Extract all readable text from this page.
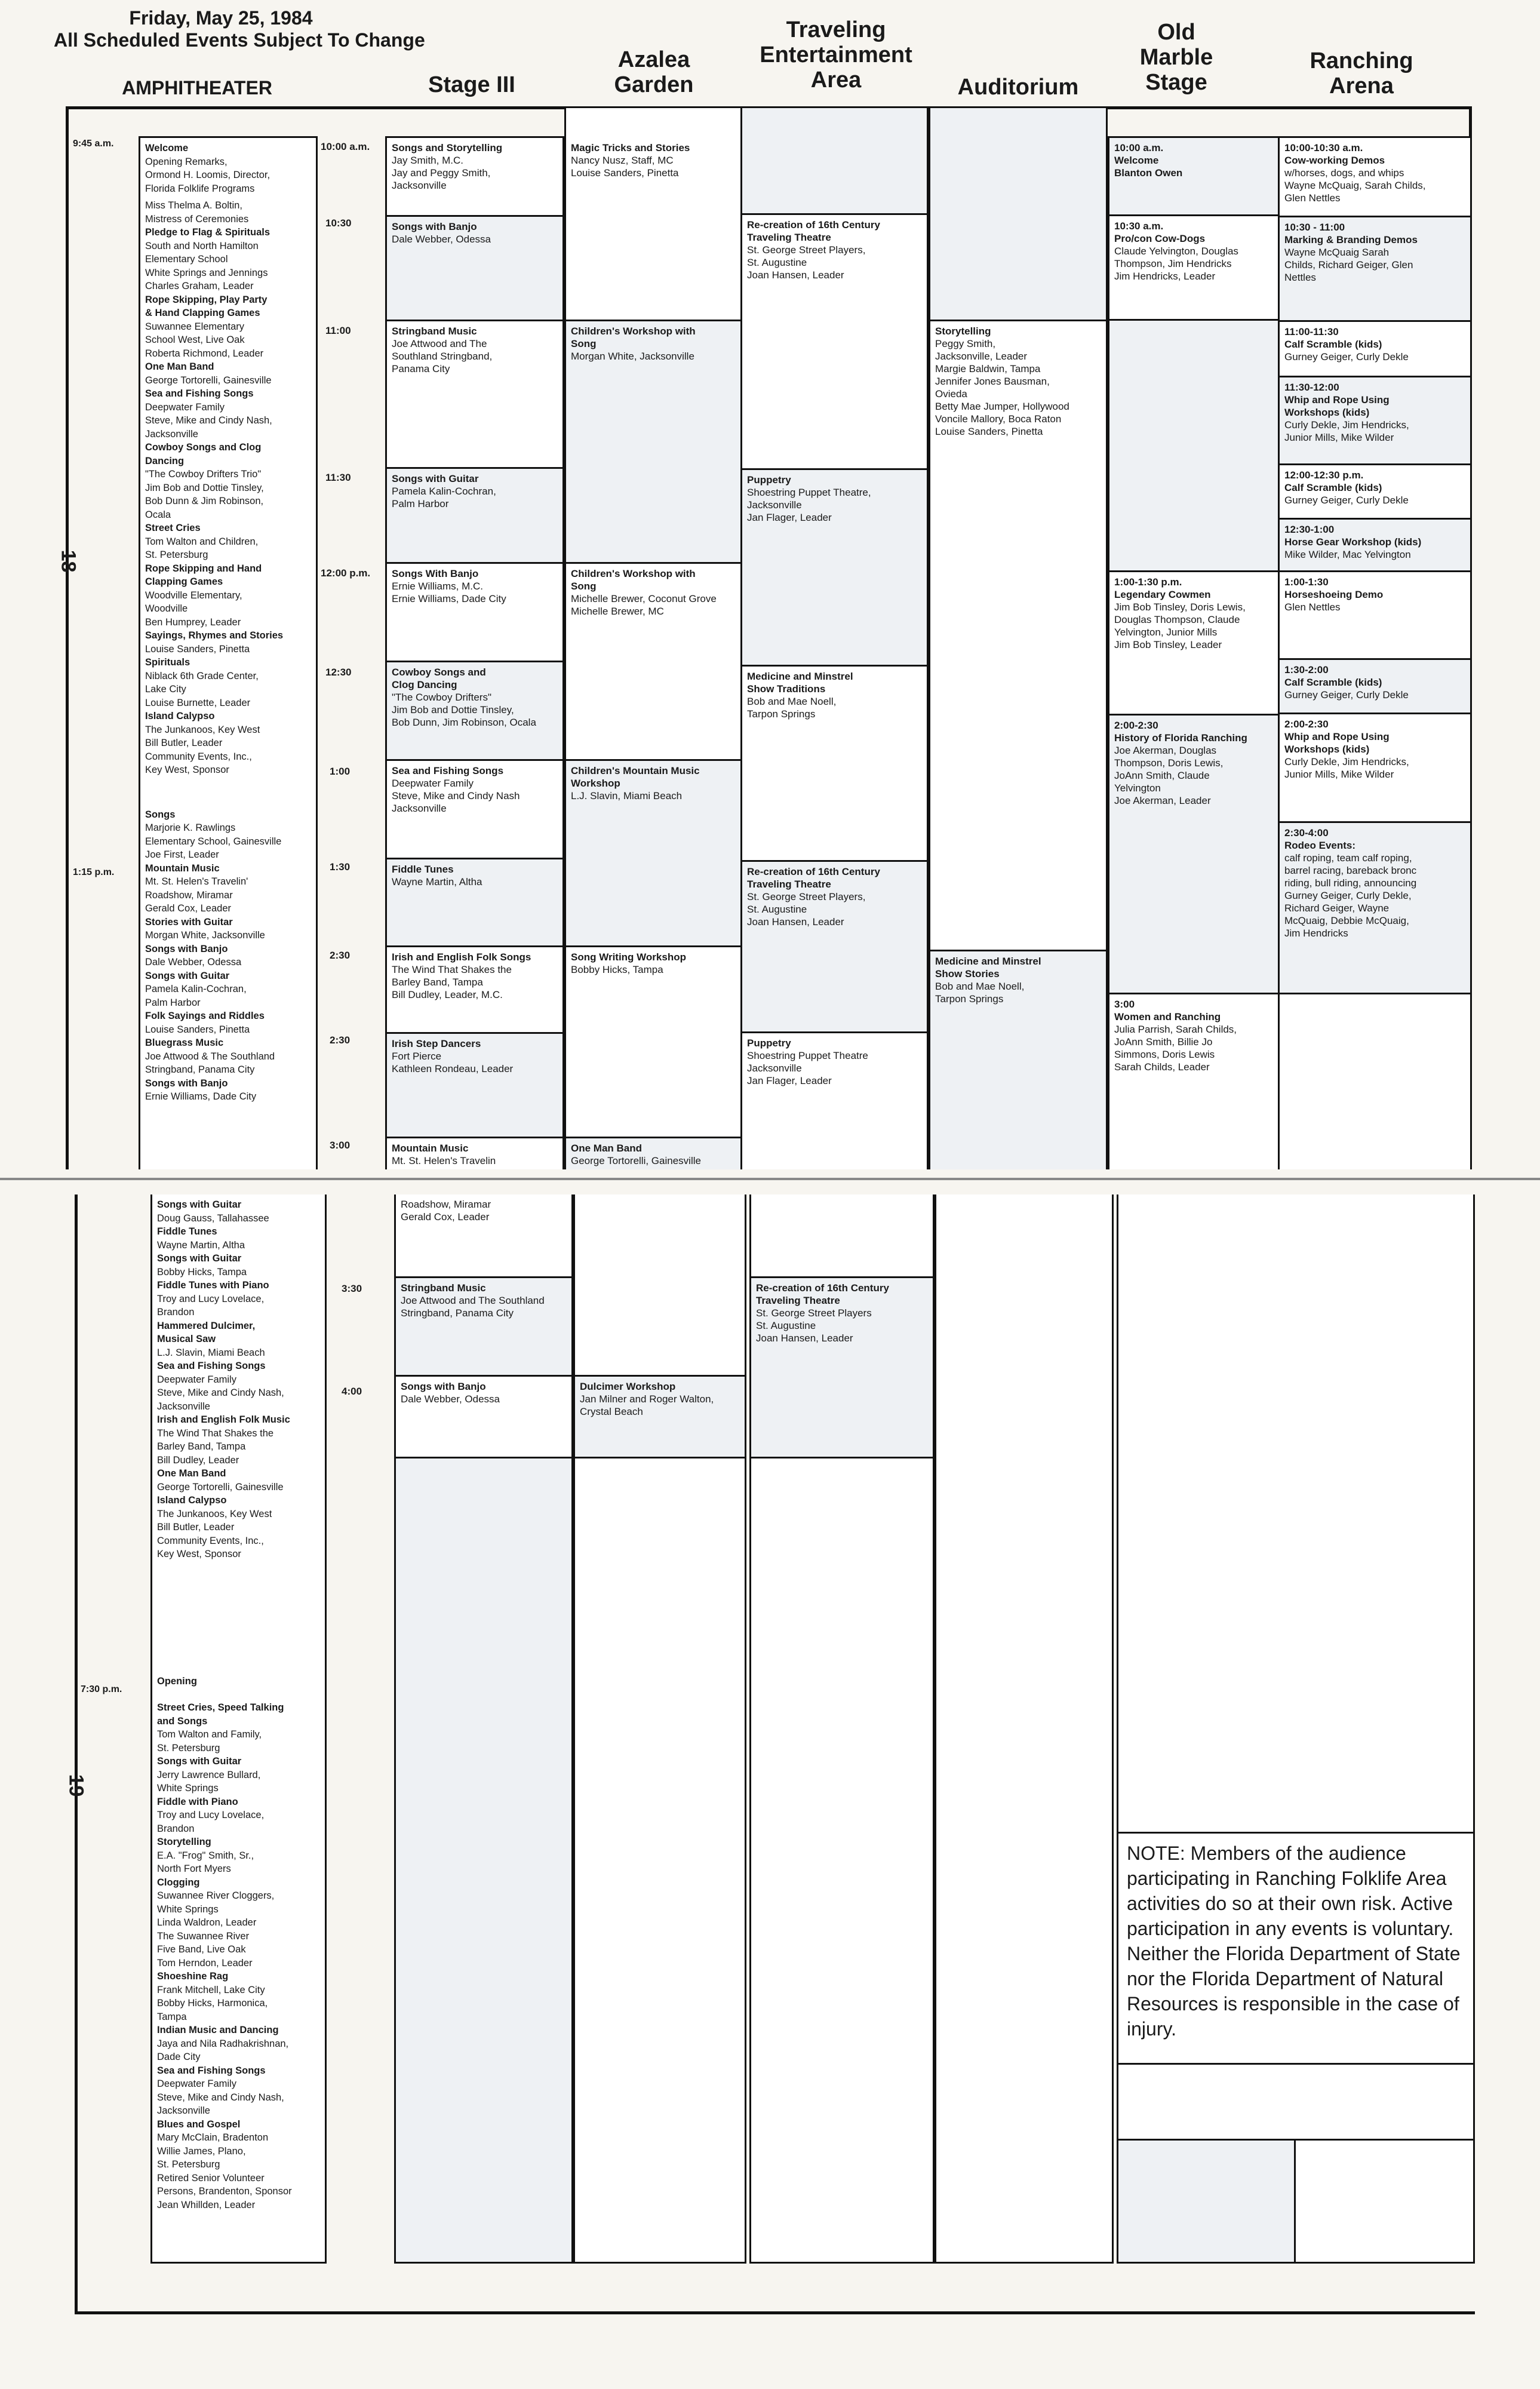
Friday, May 25, 1984
All Scheduled Events Subject To Change
AMPHITHEATER	Stage III
Azalea
Garden
Traveling
Entertainment
Area	Auditorium
Old
Marble
Stage
Ranching
Arena
18
19
9:45 a.m.
1:15 p.m.
7:30 p.m.
Welcome
Opening Remarks,
Ormond H. Loomis, Director,
Florida Folklife Programs
Miss Thelma A. Boltin,
Mistress of Ceremonies
Pledge to Flag & Spirituals
South and North Hamilton
Elementary School
White Springs and Jennings
Charles Graham, Leader
Rope Skipping, Play Party
& Hand Clapping Games
Suwannee Elementary
School West, Live Oak
Roberta Richmond, Leader
One Man Band
George Tortorelli, Gainesville
Sea and Fishing Songs
Deepwater Family
Steve, Mike and Cindy Nash,
Jacksonville
Cowboy Songs and Clog
Dancing
"The Cowboy Drifters Trio"
Jim Bob and Dottie Tinsley,
Bob Dunn & Jim Robinson,
Ocala
Street Cries
Tom Walton and Children,
St. Petersburg
Rope Skipping and Hand
Clapping Games
Woodville Elementary,
Woodville
Ben Humprey, Leader
Sayings, Rhymes and Stories
Louise Sanders, Pinetta
Spirituals
Niblack 6th Grade Center,
Lake City
Louise Burnette, Leader
Island Calypso
The Junkanoos, Key West
Bill Butler, Leader
Community Events, Inc.,
Key West, Sponsor
Songs
Marjorie K. Rawlings
Elementary School, Gainesville
Joe First, Leader
Mountain Music
Mt. St. Helen's Travelin'
Roadshow, Miramar
Gerald Cox, Leader
Stories with Guitar
Morgan White, Jacksonville
Songs with Banjo
Dale Webber, Odessa
Songs with Guitar
Pamela Kalin-Cochran,
Palm Harbor
Folk Sayings and Riddles
Louise Sanders, Pinetta
Bluegrass Music
Joe Attwood & The Southland
Stringband, Panama City
Songs with Banjo
Ernie Williams, Dade City
Songs with Guitar
Doug Gauss, Tallahassee
Fiddle Tunes
Wayne Martin, Altha
Songs with Guitar
Bobby Hicks, Tampa
Fiddle Tunes with Piano
Troy and Lucy Lovelace,
Brandon
Hammered Dulcimer,
Musical Saw
L.J. Slavin, Miami Beach
Sea and Fishing Songs
Deepwater Family
Steve, Mike and Cindy Nash,
Jacksonville
Irish and English Folk Music
The Wind That Shakes the
Barley Band, Tampa
Bill Dudley, Leader
One Man Band
George Tortorelli, Gainesville
Island Calypso
The Junkanoos, Key West
Bill Butler, Leader
Community Events, Inc.,
Key West, Sponsor
Opening
Street Cries, Speed Talking
and Songs
Tom Walton and Family,
St. Petersburg
Songs with Guitar
Jerry Lawrence Bullard,
White Springs
Fiddle with Piano
Troy and Lucy Lovelace,
Brandon
Storytelling
E.A. "Frog" Smith, Sr.,
North Fort Myers
Clogging
Suwannee River Cloggers,
White Springs
Linda Waldron, Leader
The Suwannee River
Five Band, Live Oak
Tom Herndon, Leader
Shoeshine Rag
Frank Mitchell, Lake City
Bobby Hicks, Harmonica,
Tampa
Indian Music and Dancing
Jaya and Nila Radhakrishnan,
Dade City
Sea and Fishing Songs
Deepwater Family
Steve, Mike and Cindy Nash,
Jacksonville
Blues and Gospel
Mary McClain, Bradenton
Willie James, Plano,
St. Petersburg
Retired Senior Volunteer
Persons, Brandenton, Sponsor
Jean Whillden, Leader
10:00 a.m.
10:30
11:00
11:30
12:00 p.m.
12:30
1:00
1:30
2:30
2:30
3:00
3:30
4:00
Songs and Storytelling
Jay Smith, M.C.
Jay and Peggy Smith,
Jacksonville
Songs with Banjo
Dale Webber, Odessa
Stringband Music
Joe Attwood and The
Southland Stringband,
Panama City
Songs with Guitar
Pamela Kalin-Cochran,
Palm Harbor
Songs With Banjo
Ernie Williams, M.C.
Ernie Williams, Dade City
Cowboy Songs and
Clog Dancing
"The Cowboy Drifters"
Jim Bob and Dottie Tinsley,
Bob Dunn, Jim Robinson, Ocala
Sea and Fishing Songs
Deepwater Family
Steve, Mike and Cindy Nash
Jacksonville
Fiddle Tunes
Wayne Martin, Altha
Irish and English Folk Songs
The Wind That Shakes the
Barley Band, Tampa
Bill Dudley, Leader, M.C.
Irish Step Dancers
Fort Pierce
Kathleen Rondeau, Leader
Mountain Music
Mt. St. Helen's Travelin
Roadshow, Miramar
Gerald Cox, Leader
Stringband Music
Joe Attwood and The Southland
Stringband, Panama City
Songs with Banjo
Dale Webber, Odessa
Magic Tricks and Stories
Nancy Nusz, Staff, MC
Louise Sanders, Pinetta
Children's Workshop with
Song
Morgan White, Jacksonville
Children's Workshop with
Song
Michelle Brewer, Coconut Grove
Michelle Brewer, MC
Children's Mountain Music
Workshop
L.J. Slavin, Miami Beach
Song Writing Workshop
Bobby Hicks, Tampa
One Man Band
George Tortorelli, Gainesville
Dulcimer Workshop
Jan Milner and Roger Walton,
Crystal Beach
Re-creation of 16th Century
Traveling Theatre
St. George Street Players,
St. Augustine
Joan Hansen, Leader
Puppetry
Shoestring Puppet Theatre,
Jacksonville
Jan Flager, Leader
Medicine and Minstrel
Show Traditions
Bob and Mae Noell,
Tarpon Springs
Re-creation of 16th Century
Traveling Theatre
St. George Street Players,
St. Augustine
Joan Hansen, Leader
Puppetry
Shoestring Puppet Theatre
Jacksonville
Jan Flager, Leader
Re-creation of 16th Century
Traveling Theatre
St. George Street Players
St. Augustine
Joan Hansen, Leader
Storytelling
Peggy Smith,
Jacksonville, Leader
Margie Baldwin, Tampa
Jennifer Jones Bausman,
Ovieda
Betty Mae Jumper, Hollywood
Voncile Mallory, Boca Raton
Louise Sanders, Pinetta
Medicine and Minstrel
Show Stories
Bob and Mae Noell,
Tarpon Springs
10:00 a.m.
Welcome
Blanton Owen
10:30 a.m.
Pro/con Cow-Dogs
Claude Yelvington, Douglas
Thompson, Jim Hendricks
Jim Hendricks, Leader
1:00-1:30 p.m.
Legendary Cowmen
Jim Bob Tinsley, Doris Lewis,
Douglas Thompson, Claude
Yelvington, Junior Mills
Jim Bob Tinsley, Leader
2:00-2:30
History of Florida Ranching
Joe Akerman, Douglas
Thompson, Doris Lewis,
JoAnn Smith, Claude
Yelvington
Joe Akerman, Leader
3:00
Women and Ranching
Julia Parrish, Sarah Childs,
JoAnn Smith, Billie Jo
Simmons, Doris Lewis
Sarah Childs, Leader
10:00-10:30 a.m.
Cow-working Demos
w/horses, dogs, and whips
Wayne McQuaig, Sarah Childs,
Glen Nettles
10:30 - 11:00
Marking & Branding Demos
Wayne McQuaig Sarah
Childs, Richard Geiger, Glen
Nettles
11:00-11:30
Calf Scramble (kids)
Gurney Geiger, Curly Dekle
11:30-12:00
Whip and Rope Using
Workshops (kids)
Curly Dekle, Jim Hendricks,
Junior Mills, Mike Wilder
12:00-12:30 p.m.
Calf Scramble (kids)
Gurney Geiger, Curly Dekle
12:30-1:00
Horse Gear Workshop (kids)
Mike Wilder, Mac Yelvington
1:00-1:30
Horseshoeing Demo
Glen Nettles
1:30-2:00
Calf Scramble (kids)
Gurney Geiger, Curly Dekle
2:00-2:30
Whip and Rope Using
Workshops (kids)
Curly Dekle, Jim Hendricks,
Junior Mills, Mike Wilder
2:30-4:00
Rodeo Events:
calf roping, team calf roping,
barrel racing, bareback bronc
riding, bull riding, announcing
Gurney Geiger, Curly Dekle,
Richard Geiger, Wayne
McQuaig, Debbie McQuaig,
Jim Hendricks
NOTE: Members of the audience participating in Ranching Folklife Area activities do so at their own risk. Active participation in any events is voluntary. Neither the Florida Department of State nor the Florida Department of Natural Resources is responsible in the case of injury.
